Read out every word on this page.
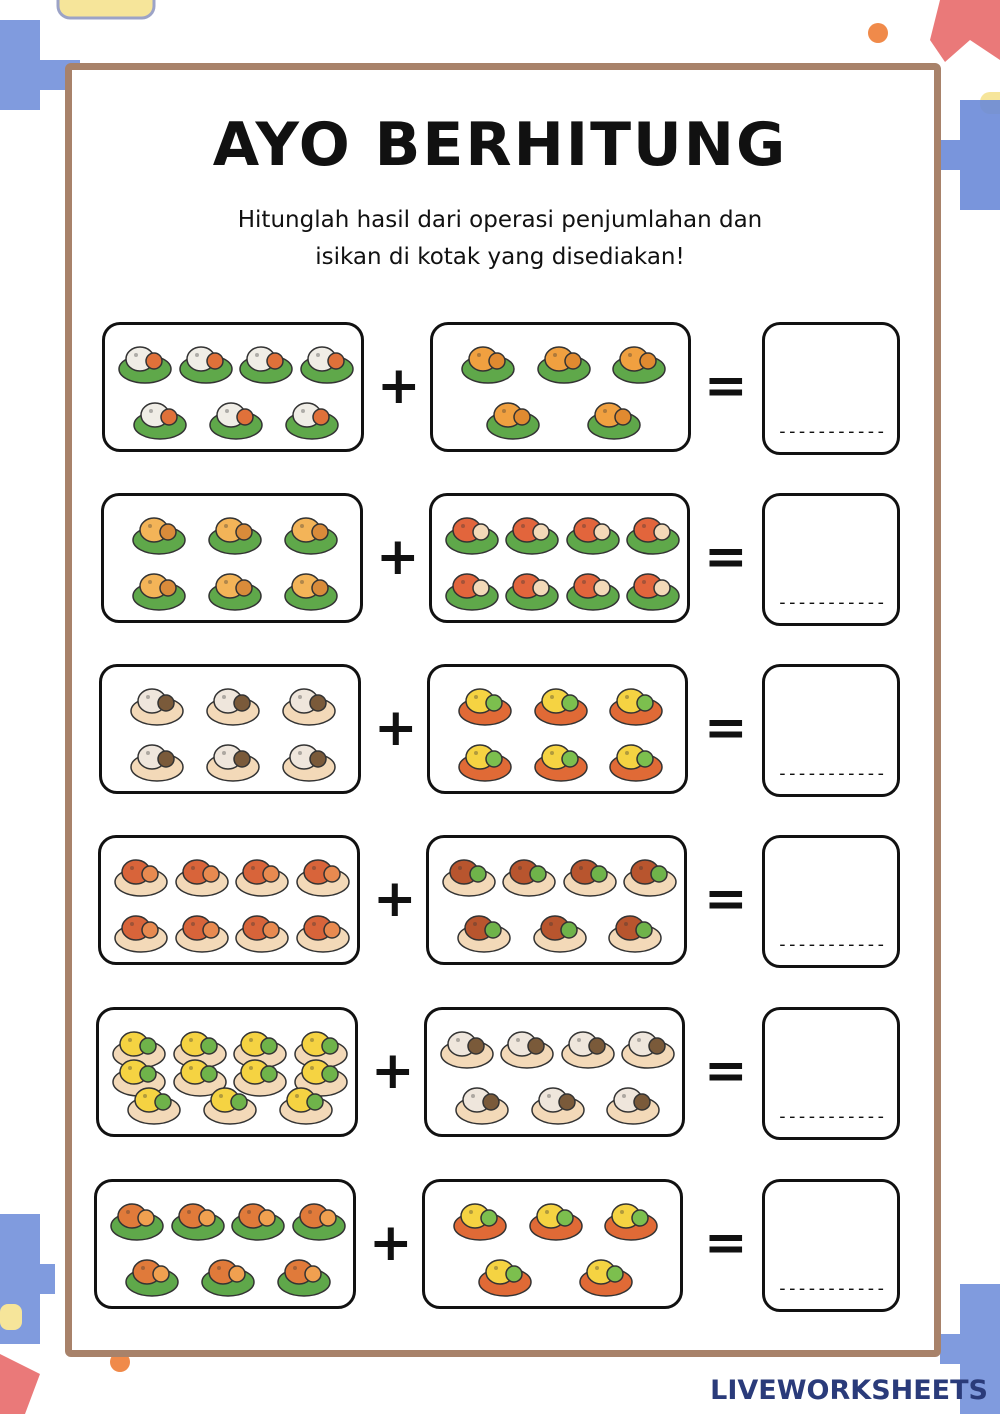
AYO BERHITUNG
Hitunglah hasil dari operasi penjumlahan dan
isikan di kotak yang disediakan!
+	=
-----------
+	=
-----------
+	=
-----------
+	=
-----------
+	=
-----------
+	=
-----------
LIVEWORKSHEETS
